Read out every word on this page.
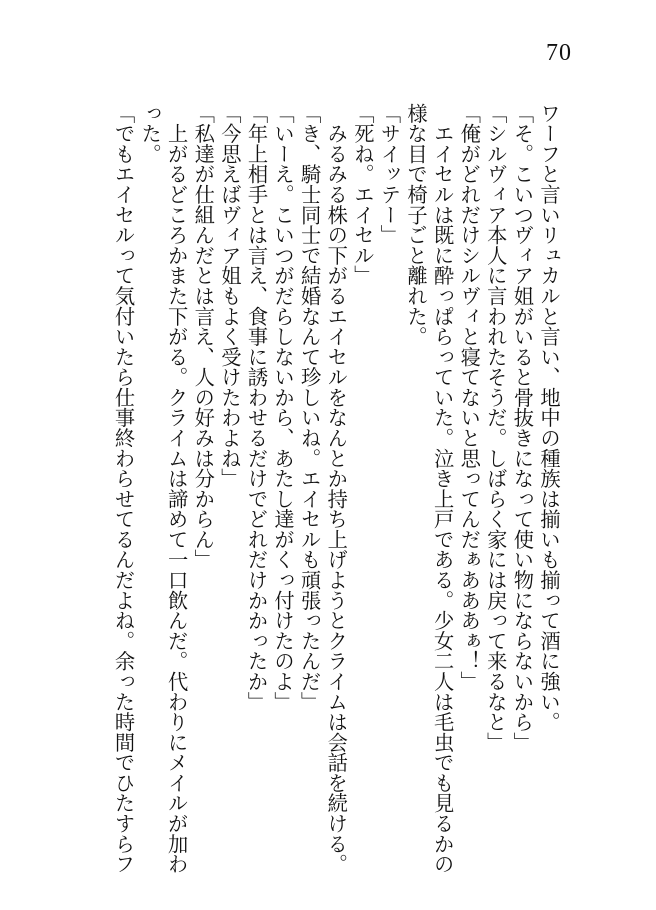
70

ワーフと言いリュカルと言い、地中の種族は揃いも揃って酒に強い。

「そ。こいつヴィア姐がいると骨抜きになって使い物にならないから」

「シルヴィア本人に言われたそうだ。しばらく家には戻って来るなと」

「俺がどれだけシルヴィと寝てないと思ってんだぁあああぁ！」

　エイセルは既に酔っぱらっていた。泣き上戸である。少女二人は毛虫でも見るかの

様な目で椅子ごと離れた。

「サイッテー」

「死ね。エイセル」

　みるみる株の下がるエイセルをなんとか持ち上げようとクライムは会話を続ける。

「き、騎士同士で結婚なんて珍しいね。エイセルも頑張ったんだ」

「いーえ。こいつがだらしないから、あたし達がくっ付けたのよ」

「年上相手とは言え、食事に誘わせるだけでどれだけかかったか」

「今思えばヴィア姐もよく受けたわよね」

「私達が仕組んだとは言え、人の好みは分からん」

　上がるどころかまた下がる。クライムは諦めて一口飲んだ。代わりにメイルが加わ

った。

「でもエイセルって気付いたら仕事終わらせてるんだよね。余った時間でひたすらフ
